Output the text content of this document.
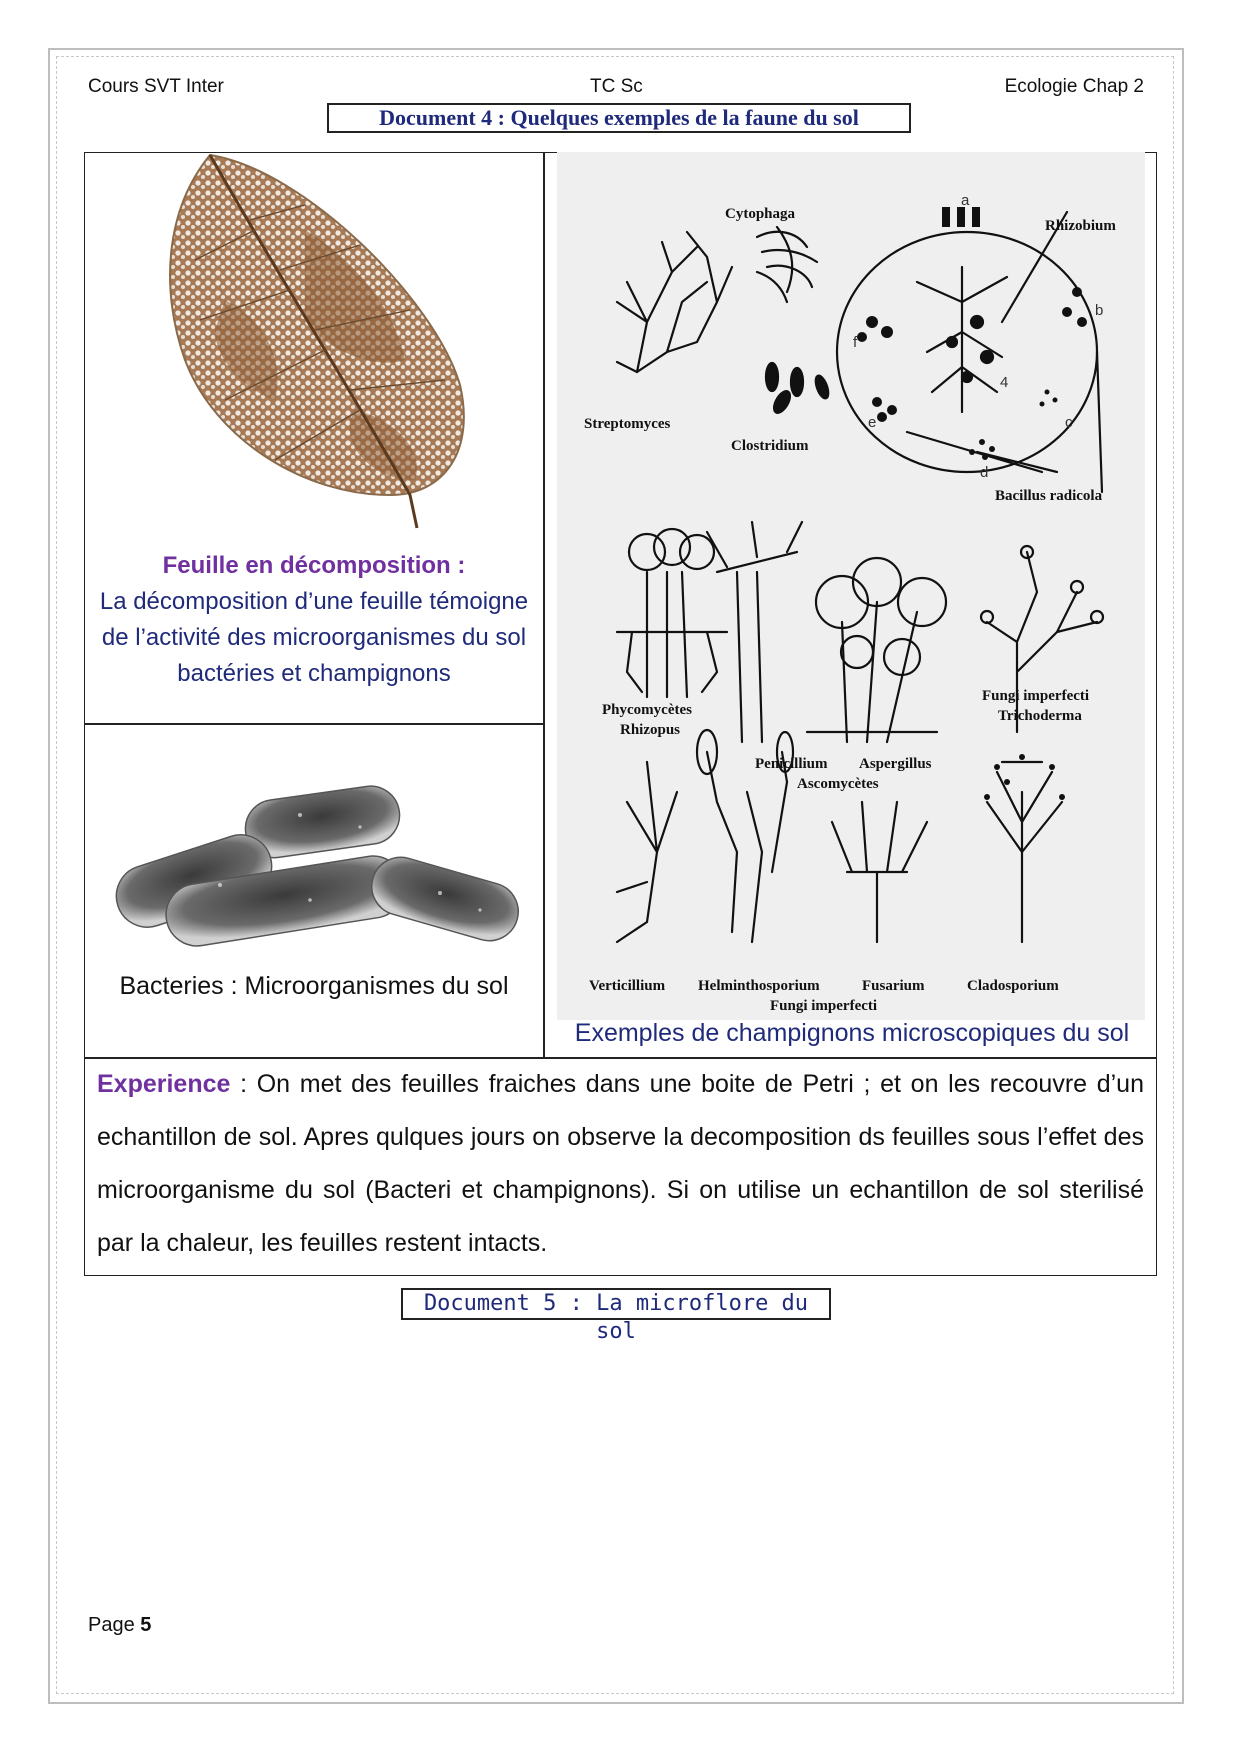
Cours SVT Inter	TC Sc	Ecologie Chap 2
Document 4 : Quelques exemples de la faune du sol
Feuille en décomposition :
La décomposition d’une feuille témoigne de l’activité des microorganismes du sol bactéries et champignons
Bacteries : Microorganismes du sol
Cytophaga
Rhizobium
Streptomyces
Clostridium
Bacillus radicola
a
b
c
d
e
f
4
Phycomycètes
Rhizopus
Penicillium Aspergillus
Ascomycètes
Fungi imperfecti
Trichoderma
Verticillium Helminthosporium	Fusarium	Cladosporium
Fungi imperfecti
Exemples de champignons microscopiques du sol
Experience : On met des feuilles fraiches dans une boite de Petri ; et on les recouvre d’un echantillon de sol. Apres qulques jours on observe la decomposition ds feuilles sous l’effet des microorganisme du sol (Bacteri et champignons). Si on utilise un echantillon de sol sterilisé par la chaleur, les feuilles restent intacts.
Document 5 : La microflore du sol
Page 5
